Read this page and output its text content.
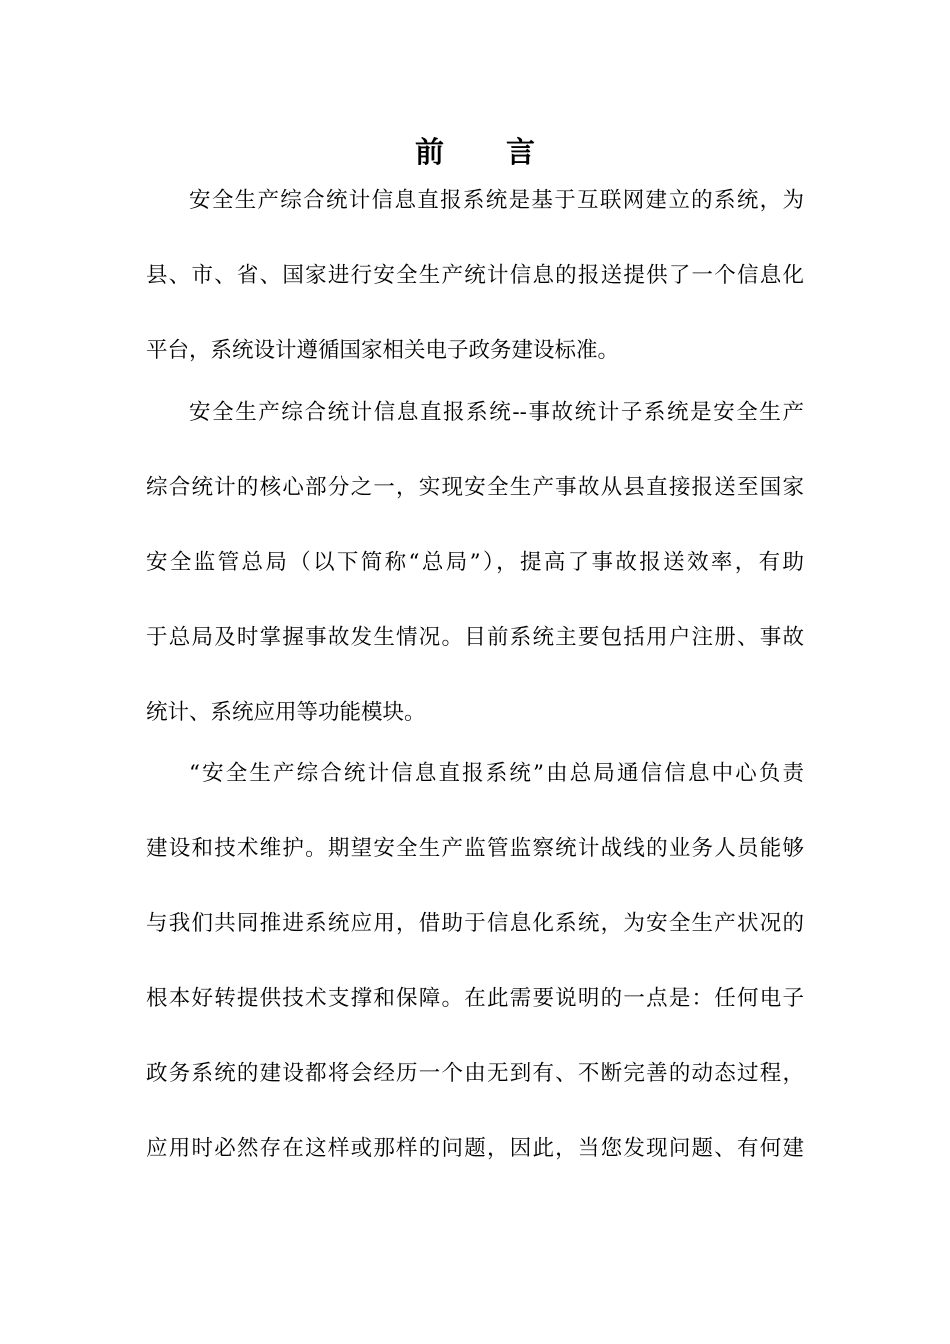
前 言

安全生产综合统计信息直报系统是基于互联网建立的系统，为

县、市、省、国家进行安全生产统计信息的报送提供了一个信息化

平台，系统设计遵循国家相关电子政务建设标准。

安全生产综合统计信息直报系统--事故统计子系统是安全生产

综合统计的核心部分之一，实现安全生产事故从县直接报送至国家

安全监管总局（以下简称“总局”），提高了事故报送效率，有助

于总局及时掌握事故发生情况。目前系统主要包括用户注册、事故

统计、系统应用等功能模块。

“安全生产综合统计信息直报系统”由总局通信信息中心负责

建设和技术维护。期望安全生产监管监察统计战线的业务人员能够

与我们共同推进系统应用，借助于信息化系统，为安全生产状况的

根本好转提供技术支撑和保障。在此需要说明的一点是：任何电子

政务系统的建设都将会经历一个由无到有、不断完善的动态过程，

应用时必然存在这样或那样的问题，因此，当您发现问题、有何建
